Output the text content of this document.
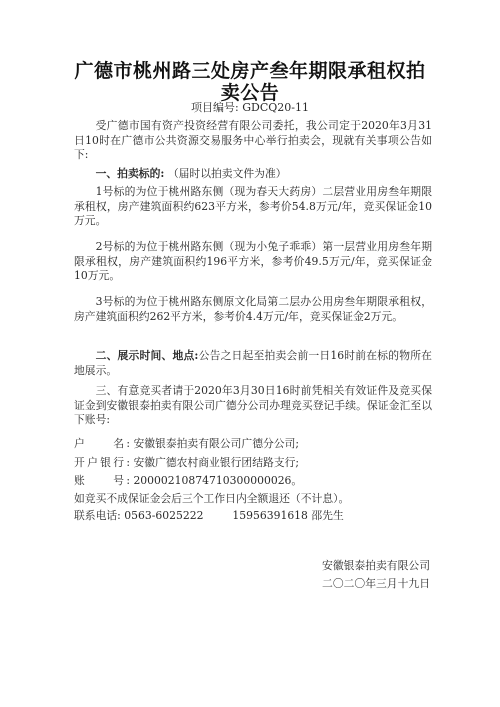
广德市桃州路三处房产叁年期限承租权拍卖公告
项目编号: GDCQ20-11
受广德市国有资产投资经营有限公司委托，我公司定于2020年3月31日10时在广德市公共资源交易服务中心举行拍卖会，现就有关事项公告如下:
一、拍卖标的: （届时以拍卖文件为准）
1号标的为位于桃州路东侧（现为春天大药房）二层营业用房叁年期限承租权，房产建筑面积约623平方米，参考价54.8万元/年，竞买保证金10万元。
2号标的为位于桃州路东侧（现为小兔子乖乖）第一层营业用房叁年期限承租权，房产建筑面积约196平方米，参考价49.5万元/年，竞买保证金10万元。
3号标的为位于桃州路东侧原文化局第二层办公用房叁年期限承租权，房产建筑面积约262平方米，参考价4.4万元/年，竞买保证金2万元。
二、展示时间、地点:公告之日起至拍卖会前一日16时前在标的物所在地展示。
三、有意竞买者请于2020年3月30日16时前凭相关有效证件及竞买保证金到安徽银泰拍卖有限公司广德分公司办理竞买登记手续。保证金汇至以下账号:
户　　名: 安徽银泰拍卖有限公司广德分公司;
开户银行: 安徽广德农村商业银行团结路支行;
账　　号: 20000210874710300000026。
如竞买不成保证金会后三个工作日内全额退还（不计息）。
联系电话: 0563-6025222	15956391618 邵先生
安徽银泰拍卖有限公司
二〇二〇年三月十九日
